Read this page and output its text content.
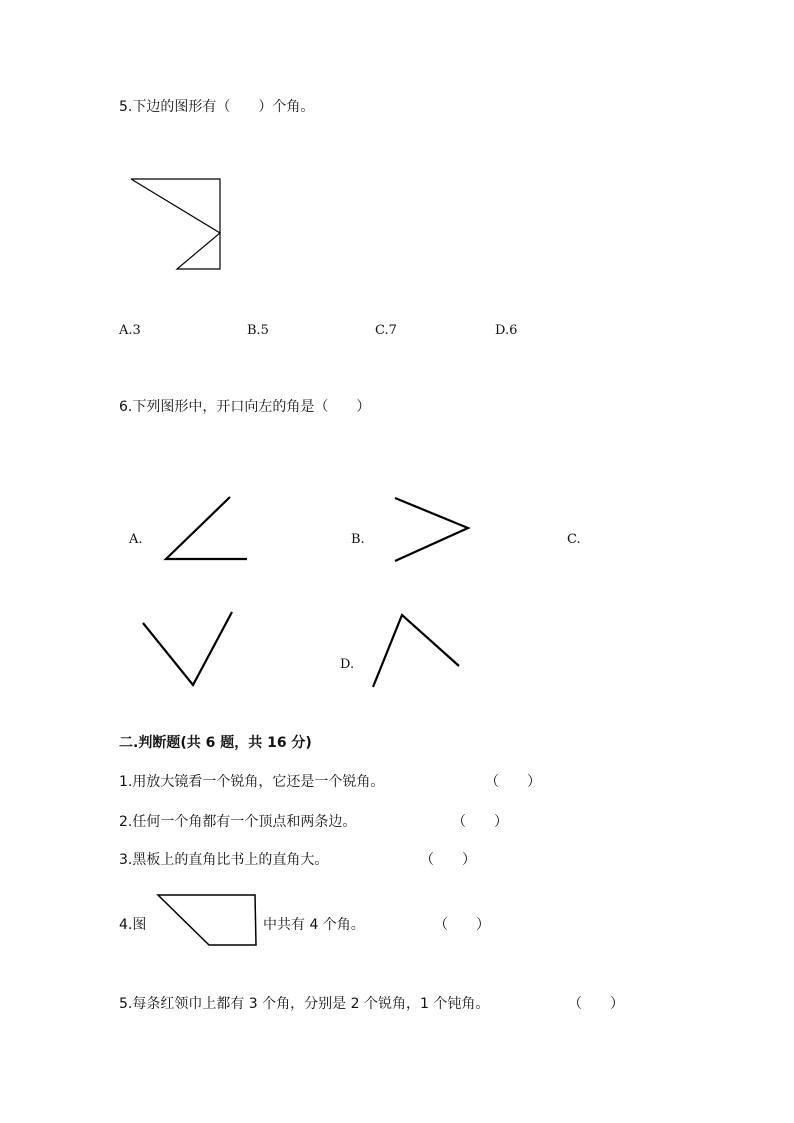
5.下边的图形有（　　）个角。
A.3	B.5	C.7	D.6
6.下列图形中，开口向左的角是（　　）
A.	B.	C.
D.
二.判断题(共 6 题，共 16 分)
1.用放大镜看一个锐角，它还是一个锐角。	（　　）
2.任何一个角都有一个顶点和两条边。	（　　）
3.黑板上的直角比书上的直角大。	（　　）
4.图	中共有 4 个角。	（　　）
5.每条红领巾上都有 3 个角，分别是 2 个锐角，1 个钝角。	（　　）
